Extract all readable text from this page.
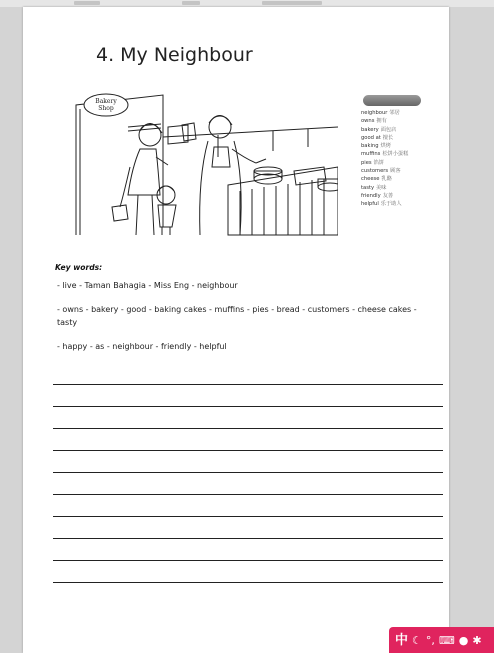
4. My Neighbour
Bakery
Shop
neighbour 邻居
owns 拥有
bakery 面包店
good at 擅长
baking 烘烤
muffins 松饼小蛋糕
pies 馅饼
customers 顾客
cheese 乳酪
tasty 美味
friendly 友善
helpful 乐于助人
Key words:
- live - Taman Bahagia - Miss Eng - neighbour
- owns - bakery - good - baking cakes - muffins - pies - bread - customers - cheese cakes - tasty
- happy - as - neighbour - friendly - helpful
中 ☾ °, ⌨ ● ✱
